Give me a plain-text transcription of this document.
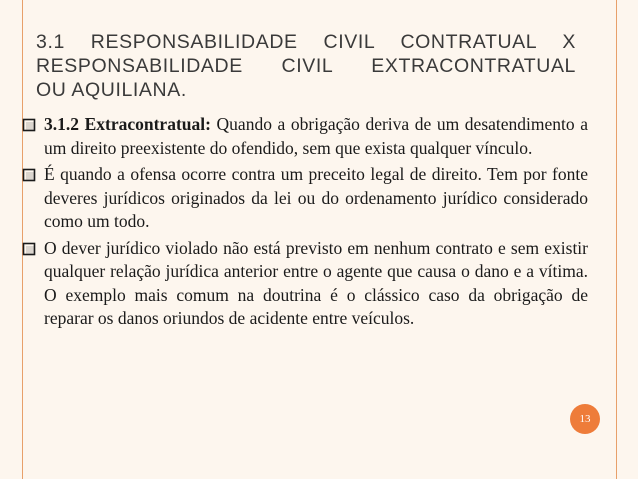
3.1 RESPONSABILIDADE CIVIL CONTRATUAL X
RESPONSABILIDADE CIVIL EXTRACONTRATUAL
OU AQUILIANA.
3.1.2 Extracontratual: Quando a obrigação deriva de um desatendimento a um direito preexistente do ofendido, sem que exista qualquer vínculo.
É quando a ofensa ocorre contra um preceito legal de direito. Tem por fonte deveres jurídicos originados da lei ou do ordenamento jurídico considerado como um todo.
O dever jurídico violado não está previsto em nenhum contrato e sem existir qualquer relação jurídica anterior entre o agente que causa o dano e a vítima. O exemplo mais comum na doutrina é o clássico caso da obrigação de reparar os danos oriundos de acidente entre veículos.
13
